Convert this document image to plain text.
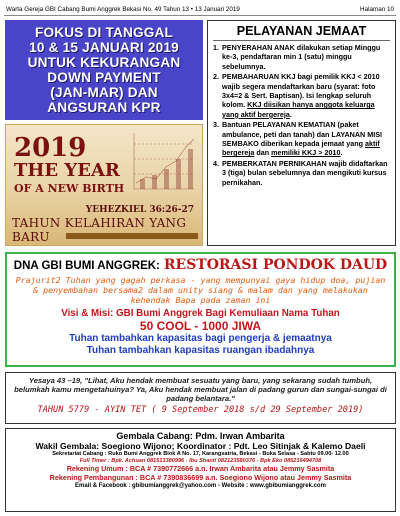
Warta Gereja GBI Cabang Bumi Anggrek Bekasi No. 49 Tahun 13 • 13 Januari 2019	Halaman 10
FOKUS DI TANGGAL
10 & 15 JANUARI 2019
UNTUK KEKURANGAN
DOWN PAYMENT
(JAN-MAR) DAN
ANGSURAN KPR
2019
THE YEAR
OF A NEW BIRTH
YEHEZKIEL 36:26-27
TAHUN KELAHIRAN YANG BARU
PELAYANAN JEMAAT
1. PENYERAHAN ANAK dilakukan setiap Minggu ke-3, pendaftaran min 1 (satu) minggu sebelumnya.
2. PEMBAHARUAN KKJ bagi pemilik KKJ < 2010 wajib segera mendaftarkan baru (syarat: foto 3x4=2 & Sert. Baptisan). Isi lengkap seluruh kolom. KKJ diisikan hanya anggota keluarga yang aktif bergereja.
3. Bantuan PELAYANAN KEMATIAN (paket ambulance, peti dan tanah) dan LAYANAN MISI SEMBAKO diberikan kepada jemaat yang aktif bergereja dan memiliki KKJ > 2010.
4. PEMBERKATAN PERNIKAHAN wajib didaftarkan 3 (tiga) bulan sebelumnya dan mengikuti kursus pernikahan.
DNA GBI BUMI ANGGREK: RESTORASI PONDOK DAUD
Prajurit2 Tuhan yang gagah perkasa - yang mempunyai gaya hidup doa, pujian & penyembahan bersama2 dalam unity siang & malam dan yang melakukan kehendak Bapa pada zaman ini
Visi & Misi: GBI Bumi Anggrek Bagi Kemuliaan Nama Tuhan
50 COOL - 1000 JIWA
Tuhan tambahkan kapasitas bagi pengerja & jemaatnya
Tuhan tambahkan kapasitas ruangan ibadahnya
Yesaya 43 –19, "Lihat, Aku hendak membuat sesuatu yang baru, yang sekarang sudah tumbuh, belumkah kamu mengetahuinya? Ya, Aku hendak membuat jalan di padang gurun dan sungai-sungai di padang belantara."
TAHUN 5779 - AYIN TET ( 9 September 2018 s/d 29 September 2019)
Gembala Cabang: Pdm. Irwan Ambarita
Wakil Gembala: Soegiono Wijono; Koordinator : Pdt. Leo Sitinjak & Kalemo Daeli
Sekretariat Cabang : Ruko Bumi Anggrek Blok A No. 17, Karangsatria, Bekasi - Buka Selasa - Sabtu 09.00- 12.00
Full Timer : Bpk. Achuan 081513380996 - Ibu Shanti 082123580376 - Bpk Eko 085216494708
Rekening Umum : BCA # 7390772666 a.n. Irwan Ambarita atau Jemmy Sasmita
Rekening Pembangunan : BCA # 7390836699 a.n. Soegiono Wijono atau Jemmy Sasmita
Email & Facebook : gbibumianggrek@yahoo.com - Website : www.gbibumianggrek.com
